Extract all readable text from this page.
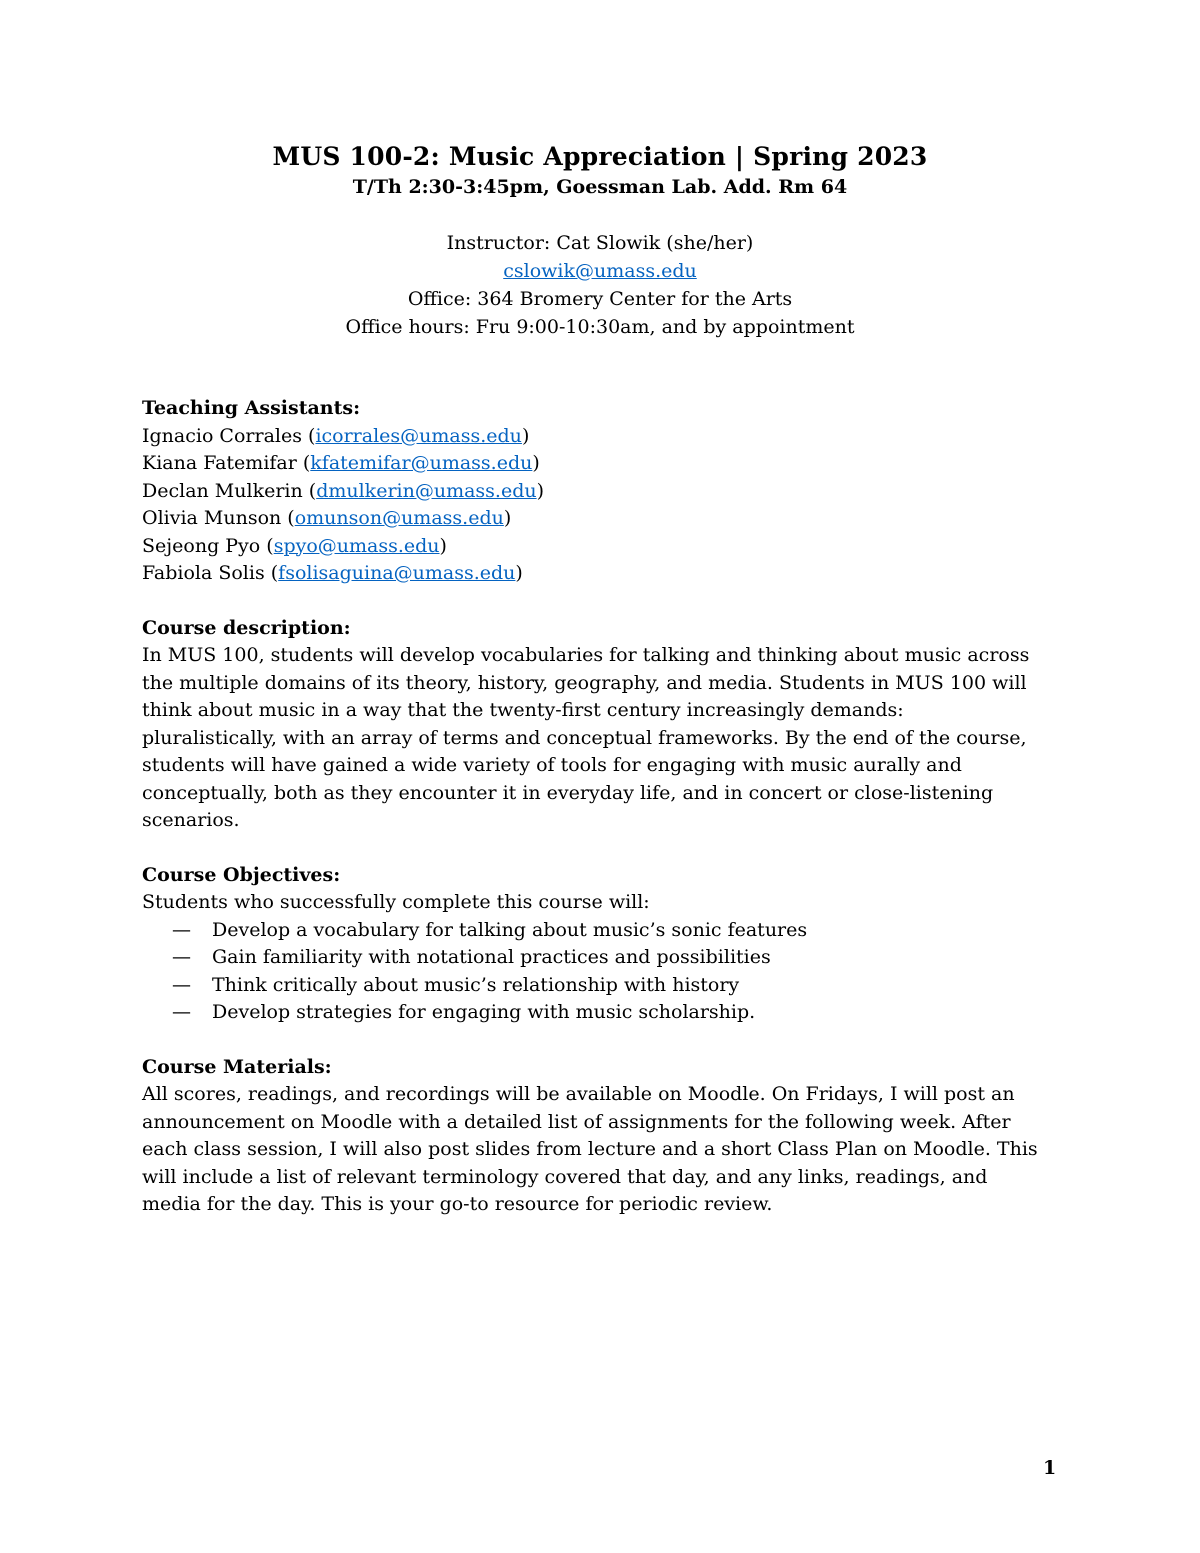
MUS 100-2: Music Appreciation | Spring 2023
T/Th 2:30-3:45pm, Goessman Lab. Add. Rm 64
Instructor: Cat Slowik (she/her)
cslowik@umass.edu
Office: 364 Bromery Center for the Arts
Office hours: Fru 9:00-10:30am, and by appointment
Teaching Assistants:
Ignacio Corrales (icorrales@umass.edu)
Kiana Fatemifar (kfatemifar@umass.edu)
Declan Mulkerin (dmulkerin@umass.edu)
Olivia Munson (omunson@umass.edu)
Sejeong Pyo (spyo@umass.edu)
Fabiola Solis (fsolisaguina@umass.edu)
Course description:
In MUS 100, students will develop vocabularies for talking and thinking about music across
the multiple domains of its theory, history, geography, and media. Students in MUS 100 will
think about music in a way that the twenty-first century increasingly demands:
pluralistically, with an array of terms and conceptual frameworks. By the end of the course,
students will have gained a wide variety of tools for engaging with music aurally and
conceptually, both as they encounter it in everyday life, and in concert or close-listening
scenarios.
Course Objectives:
Students who successfully complete this course will:
— Develop a vocabulary for talking about music’s sonic features
— Gain familiarity with notational practices and possibilities
— Think critically about music’s relationship with history
— Develop strategies for engaging with music scholarship.
Course Materials:
All scores, readings, and recordings will be available on Moodle. On Fridays, I will post an
announcement on Moodle with a detailed list of assignments for the following week. After
each class session, I will also post slides from lecture and a short Class Plan on Moodle. This
will include a list of relevant terminology covered that day, and any links, readings, and
media for the day. This is your go-to resource for periodic review.
1
